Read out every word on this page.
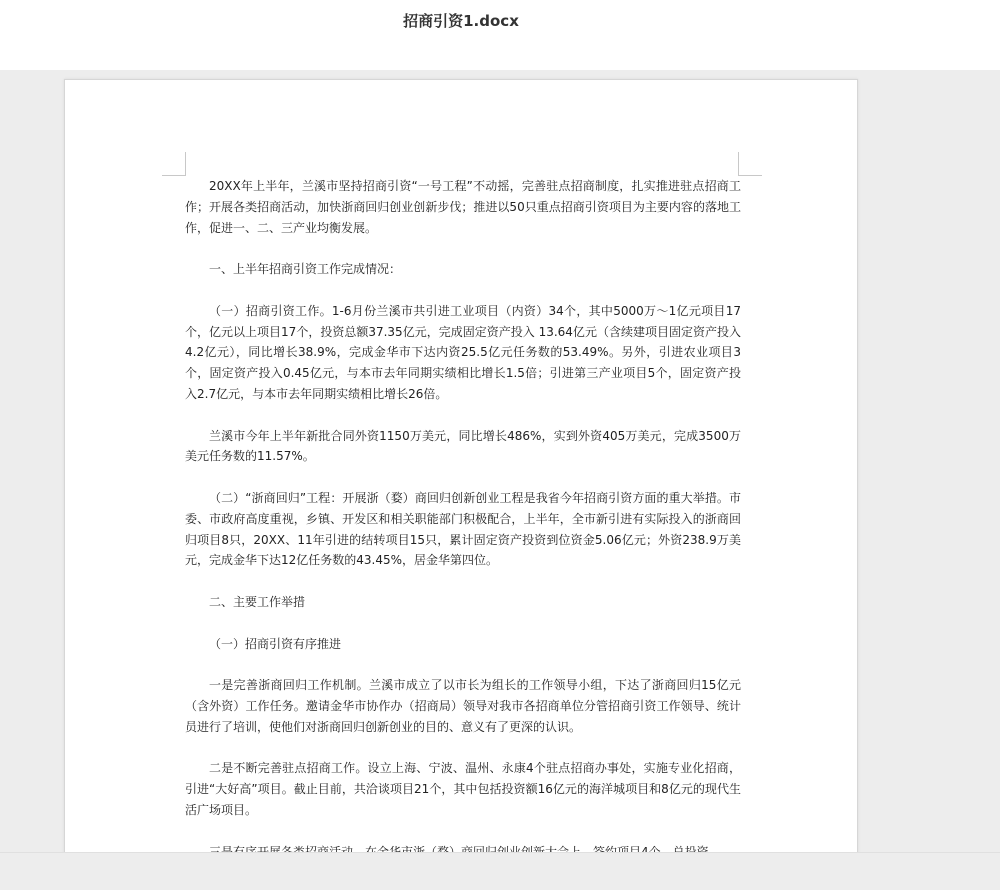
招商引资1.docx

20XX年上半年，兰溪市坚持招商引资“一号工程”不动摇，完善驻点招商制度，扎实推进驻点招商工作；开展各类招商活动，加快浙商回归创业创新步伐；推进以50只重点招商引资项目为主要内容的落地工作，促进一、二、三产业均衡发展。

一、上半年招商引资工作完成情况：

（一）招商引资工作。1-6月份兰溪市共引进工业项目（内资）34个，其中5000万～1亿元项目17个，亿元以上项目17个，投资总额37.35亿元，完成固定资产投入 13.64亿元（含续建项目固定资产投入4.2亿元），同比增长38.9%，完成金华市下达内资25.5亿元任务数的53.49%。另外，引进农业项目3个，固定资产投入0.45亿元，与本市去年同期实绩相比增长1.5倍；引进第三产业项目5个，固定资产投入2.7亿元，与本市去年同期实绩相比增长26倍。

兰溪市今年上半年新批合同外资1150万美元，同比增长486%，实到外资405万美元，完成3500万美元任务数的11.57%。

（二）“浙商回归”工程：开展浙（婺）商回归创新创业工程是我省今年招商引资方面的重大举措。市委、市政府高度重视，乡镇、开发区和相关职能部门积极配合，上半年，全市新引进有实际投入的浙商回归项目8只，20XX、11年引进的结转项目15只，累计固定资产投资到位资金5.06亿元；外资238.9万美元，完成金华下达12亿任务数的43.45%，居金华第四位。

二、主要工作举措

（一）招商引资有序推进

一是完善浙商回归工作机制。兰溪市成立了以市长为组长的工作领导小组，下达了浙商回归15亿元（含外资）工作任务。邀请金华市协作办（招商局）领导对我市各招商单位分管招商引资工作领导、统计员进行了培训，使他们对浙商回归创新创业的目的、意义有了更深的认识。

二是不断完善驻点招商工作。设立上海、宁波、温州、永康4个驻点招商办事处，实施专业化招商，引进“大好高”项目。截止目前，共洽谈项目21个，其中包括投资额16亿元的海洋城项目和8亿元的现代生活广场项目。
